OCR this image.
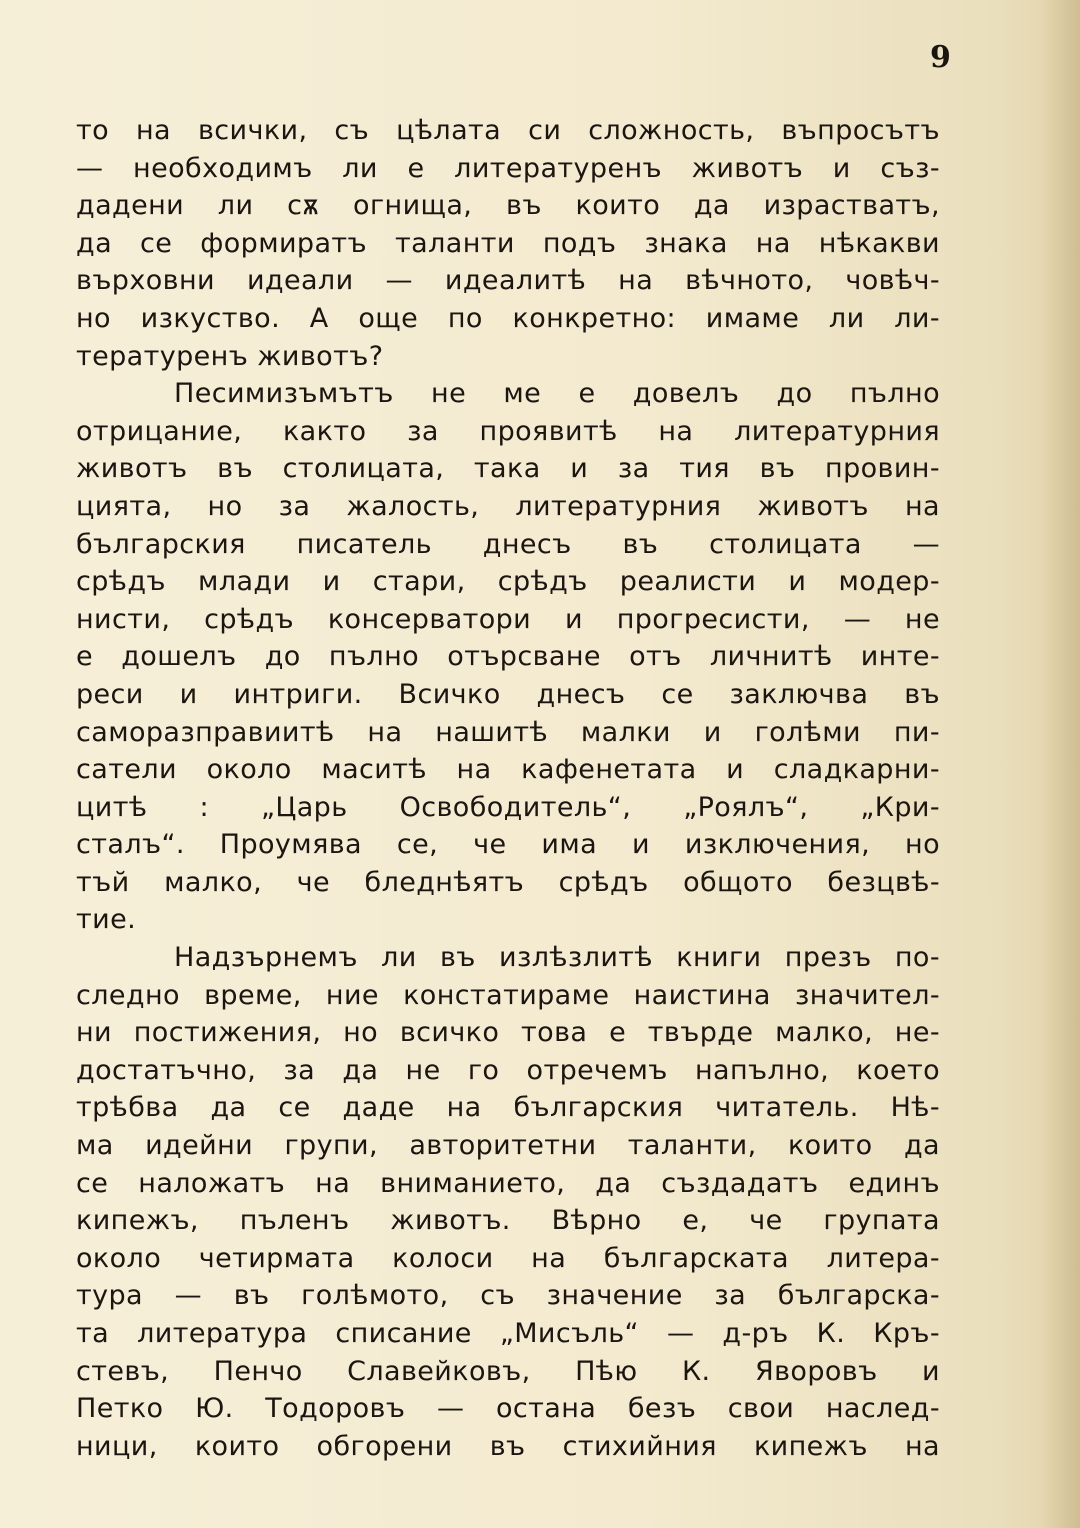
9

то на всички, съ цѣлата си сложность, въпросътъ
— необходимъ ли е литературенъ животъ и съз-
дадени ли сѫ огнища, въ които да израстватъ,
да се формиратъ таланти подъ знака на нѣкакви
върховни идеали — идеалитѣ на вѣчното, човѣч-
но изкуство. А още по конкретно: имаме ли ли-
тературенъ животъ?

Песимизъмътъ не ме е довелъ до пълно
отрицание, както за проявитѣ на литературния
животъ въ столицата, така и за тия въ провин-
цията, но за жалость, литературния животъ на
българския писатель днесъ въ столицата —
срѣдъ млади и стари, срѣдъ реалисти и модер-
нисти, срѣдъ консерватори и прогресисти, — не
е дошелъ до пълно отърсване отъ личнитѣ инте-
реси и интриги. Всичко днесъ се заключва въ
саморазправиитѣ на нашитѣ малки и голѣми пи-
сатели около маситѣ на кафенетата и сладкарни-
цитѣ : „Царь Освободитель“, „Роялъ“, „Кри-
сталъ“. Проумява се, че има и изключения, но
тъй малко, че бледнѣятъ срѣдъ общото безцвѣ-
тие.

Надзърнемъ ли въ излѣзлитѣ книги презъ по-
следно време, ние констатираме наистина значител-
ни постижения, но всичко това е твърде малко, не-
достатъчно, за да не го отречемъ напълно, което
трѣбва да се даде на българския читатель. Нѣ-
ма идейни групи, авторитетни таланти, които да
се наложатъ на вниманието, да създадатъ единъ
кипежъ, пъленъ животъ. Вѣрно е, че групата
около четирмата колоси на българската литера-
тура — въ голѣмото, съ значение за българска-
та литература списание „Мисъль“ — д-ръ К. Кръ-
стевъ, Пенчо Славейковъ, Пѣю К. Яворовъ и
Петко Ю. Тодоровъ — остана безъ свои наслед-
ници, които обгорени въ стихийния кипежъ на
